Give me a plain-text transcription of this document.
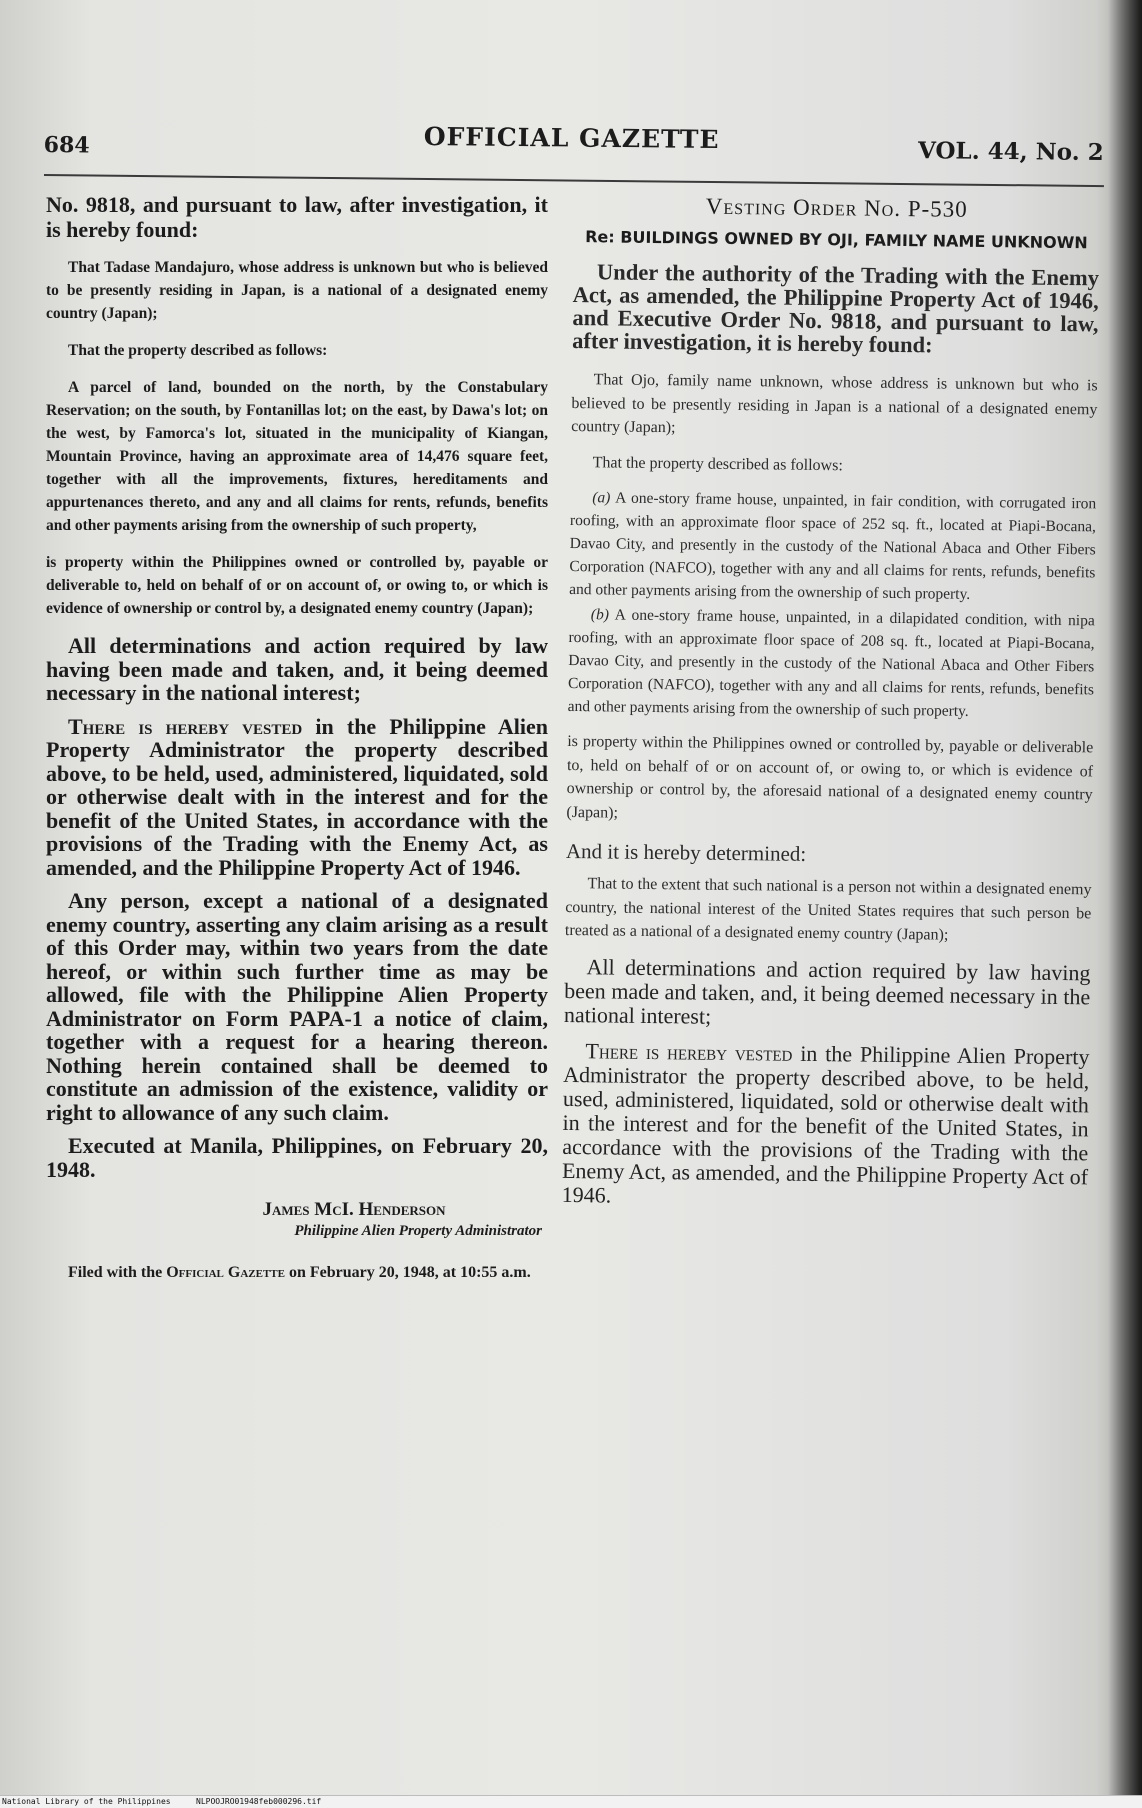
684	OFFICIAL GAZETTE	VOL. 44, No. 2

No. 9818, and pursuant to law, after investigation, it is hereby found:

That Tadase Mandajuro, whose address is unknown but who is believed to be presently residing in Japan, is a national of a designated enemy country (Japan);

That the property described as follows:

A parcel of land, bounded on the north, by the Constabulary Reservation; on the south, by Fontanillas lot; on the east, by Dawa's lot; on the west, by Famorca's lot, situated in the municipality of Kiangan, Mountain Province, having an approximate area of 14,476 square feet, together with all the improvements, fixtures, hereditaments and appurtenances thereto, and any and all claims for rents, refunds, benefits and other payments arising from the ownership of such property,

is property within the Philippines owned or controlled by, payable or deliverable to, held on behalf of or on account of, or owing to, or which is evidence of ownership or control by, a designated enemy country (Japan);

All determinations and action required by law having been made and taken, and, it being deemed necessary in the national interest;

There is hereby vested in the Philippine Alien Property Administrator the property described above, to be held, used, administered, liquidated, sold or otherwise dealt with in the interest and for the benefit of the United States, in accordance with the provisions of the Trading with the Enemy Act, as amended, and the Philippine Property Act of 1946.

Any person, except a national of a designated enemy country, asserting any claim arising as a result of this Order may, within two years from the date hereof, or within such further time as may be allowed, file with the Philippine Alien Property Administrator on Form PAPA-1 a notice of claim, together with a request for a hearing thereon. Nothing herein contained shall be deemed to constitute an admission of the existence, validity or right to allowance of any such claim.

Executed at Manila, Philippines, on February 20, 1948.

James McI. Henderson
Philippine Alien Property Administrator

Filed with the Official Gazette on February 20, 1948, at 10:55 a.m.

Vesting Order No. P-530
Re: BUILDINGS OWNED BY OJI, FAMILY NAME UNKNOWN

Under the authority of the Trading with the Enemy Act, as amended, the Philippine Property Act of 1946, and Executive Order No. 9818, and pursuant to law, after investigation, it is hereby found:

That Ojo, family name unknown, whose address is unknown but who is believed to be presently residing in Japan is a national of a designated enemy country (Japan);

That the property described as follows:

(a) A one-story frame house, unpainted, in fair condition, with corrugated iron roofing, with an approximate floor space of 252 sq. ft., located at Piapi-Bocana, Davao City, and presently in the custody of the National Abaca and Other Fibers Corporation (NAFCO), together with any and all claims for rents, refunds, benefits and other payments arising from the ownership of such property.

(b) A one-story frame house, unpainted, in a dilapidated condition, with nipa roofing, with an approximate floor space of 208 sq. ft., located at Piapi-Bocana, Davao City, and presently in the custody of the National Abaca and Other Fibers Corporation (NAFCO), together with any and all claims for rents, refunds, benefits and other payments arising from the ownership of such property.

is property within the Philippines owned or controlled by, payable or deliverable to, held on behalf of or on account of, or owing to, or which is evidence of ownership or control by, the aforesaid national of a designated enemy country (Japan);

And it is hereby determined:

That to the extent that such national is a person not within a designated enemy country, the national interest of the United States requires that such person be treated as a national of a designated enemy country (Japan);

All determinations and action required by law having been made and taken, and, it being deemed necessary in the national interest;

There is hereby vested in the Philippine Alien Property Administrator the property described above, to be held, used, administered, liquidated, sold or otherwise dealt with in the interest and for the benefit of the United States, in accordance with the provisions of the Trading with the Enemy Act, as amended, and the Philippine Property Act of 1946.

National Library of the Philippines	NLPOOJRO01948feb000296.tif
